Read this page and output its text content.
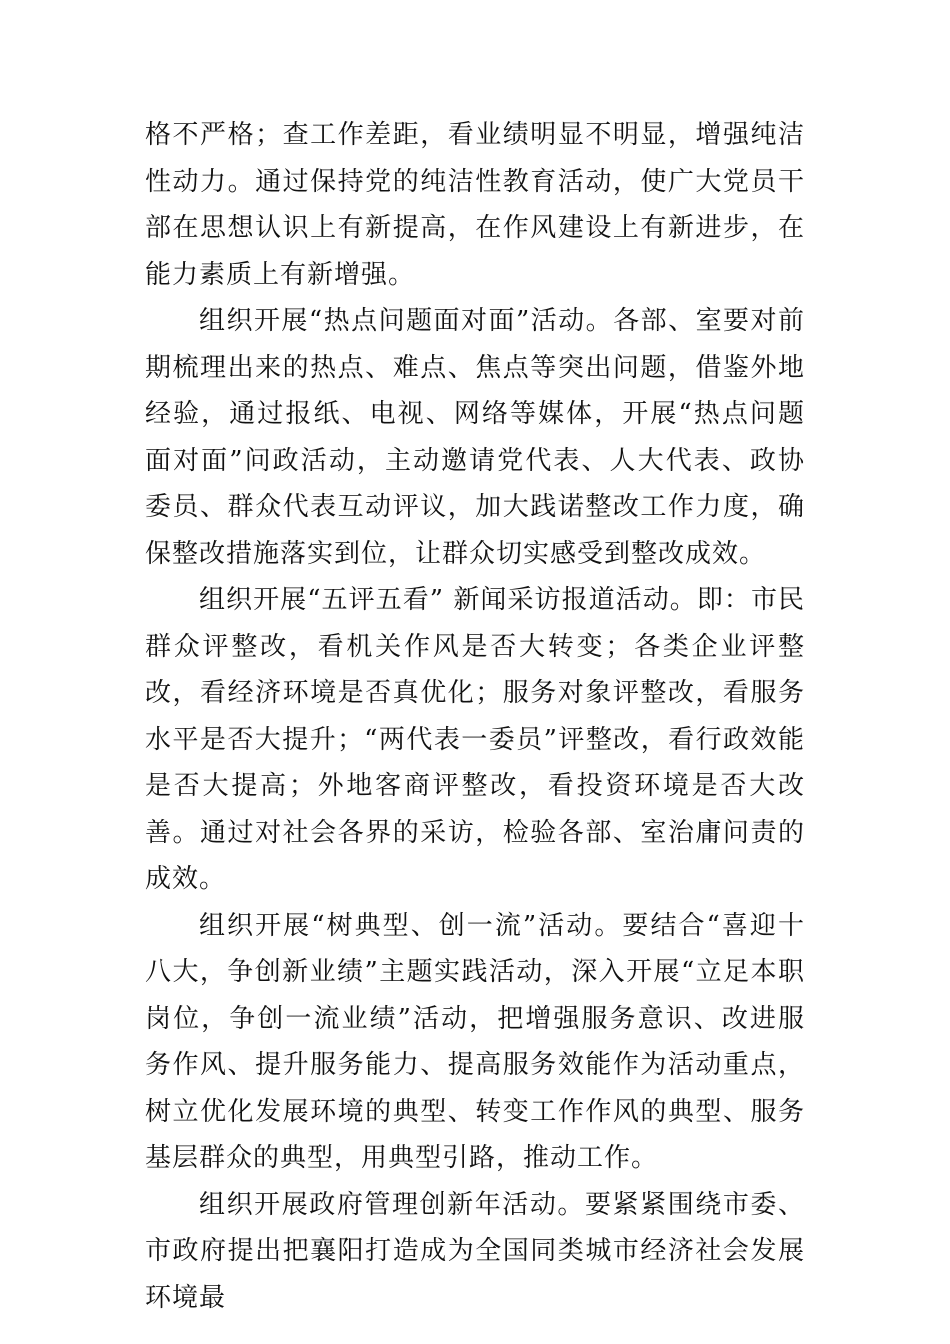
格不严格；查工作差距，看业绩明显不明显，增强纯洁性动力。通过保持党的纯洁性教育活动，使广大党员干部在思想认识上有新提高，在作风建设上有新进步，在能力素质上有新增强。

组织开展“热点问题面对面”活动。各部、室要对前期梳理出来的热点、难点、焦点等突出问题，借鉴外地经验，通过报纸、电视、网络等媒体，开展“热点问题面对面”问政活动，主动邀请党代表、人大代表、政协委员、群众代表互动评议，加大践诺整改工作力度，确保整改措施落实到位，让群众切实感受到整改成效。

组织开展“五评五看” 新闻采访报道活动。即：市民群众评整改，看机关作风是否大转变；各类企业评整改，看经济环境是否真优化；服务对象评整改，看服务水平是否大提升；“两代表一委员”评整改，看行政效能是否大提高；外地客商评整改，看投资环境是否大改善。通过对社会各界的采访，检验各部、室治庸问责的成效。

组织开展“树典型、创一流”活动。要结合“喜迎十八大，争创新业绩”主题实践活动，深入开展“立足本职岗位，争创一流业绩”活动，把增强服务意识、改进服务作风、提升服务能力、提高服务效能作为活动重点，树立优化发展环境的典型、转变工作作风的典型、服务基层群众的典型，用典型引路，推动工作。

组织开展政府管理创新年活动。要紧紧围绕市委、市政府提出把襄阳打造成为全国同类城市经济社会发展环境最
